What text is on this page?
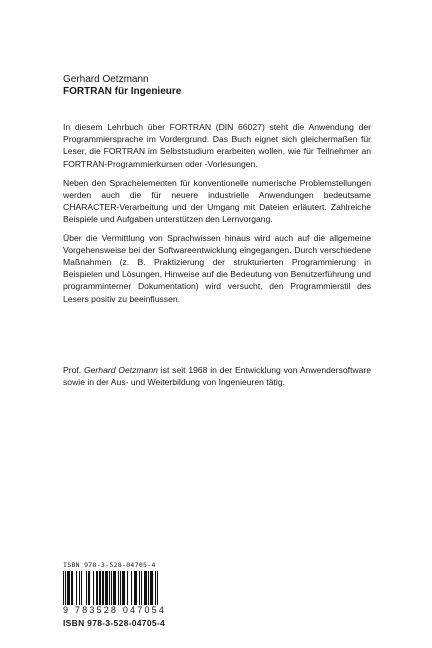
Gerhard Oetzmann
FORTRAN für Ingenieure

In diesem Lehrbuch über FORTRAN (DIN 66027) steht die Anwendung der Programmiersprache im Vordergrund. Das Buch eignet sich gleichermaßen für Leser, die FORTRAN im Selbststudium erarbeiten wollen, wie für Teilnehmer an FORTRAN-Programmierkursen oder -Vorlesungen.

Neben den Sprachelementen für konventionelle numerische Problemstellungen werden auch die für neuere industrielle Anwendungen bedeutsame CHARACTER-Verarbeitung und der Umgang mit Dateien erläutert. Zahlreiche Beispiele und Aufgaben unterstützen den Lernvorgang.

Über die Vermittlung von Sprachwissen hinaus wird auch auf die allgemeine Vorgehensweise bei der Softwareentwicklung eingegangen. Durch verschiedene Maßnahmen (z. B. Praktizierung der strukturierten Programmierung in Beispielen und Lösungen, Hinweise auf die Bedeutung von Benutzerführung und programminterner Dokumentation) wird versucht, den Programmierstil des Lesers positiv zu beeinflussen.

Prof. Gerhard Oetzmann ist seit 1968 in der Entwicklung von Anwendersoftware sowie in der Aus- und Weiterbildung von Ingenieuren tätig.
ISBN 978-3-528-04705-4
9 783528 047054
ISBN 978-3-528-04705-4
